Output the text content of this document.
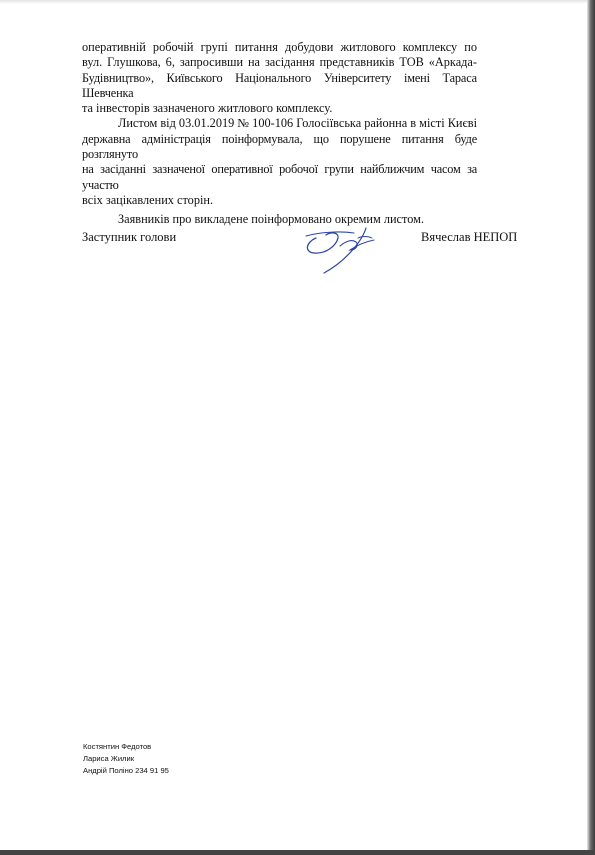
оперативній робочій групі питання добудови житлового комплексу по
вул. Глушкова, 6, запросивши на засідання представників ТОВ «Аркада-
Будівництво», Київського Національного Університету імені Тараса Шевченка
та інвесторів зазначеного житлового комплексу.

Листом від 03.01.2019 № 100-106 Голосіївська районна в місті Києві
державна адміністрація поінформувала, що порушене питання буде розглянуто
на засіданні зазначеної оперативної робочої групи найближчим часом за участю
всіх зацікавлених сторін.

Заявників про викладене поінформовано окремим листом.

Заступник голови	Вячеслав НЕПОП
Костянтин Федотов
Лариса Жилик
Андрій Поліно 234 91 95
